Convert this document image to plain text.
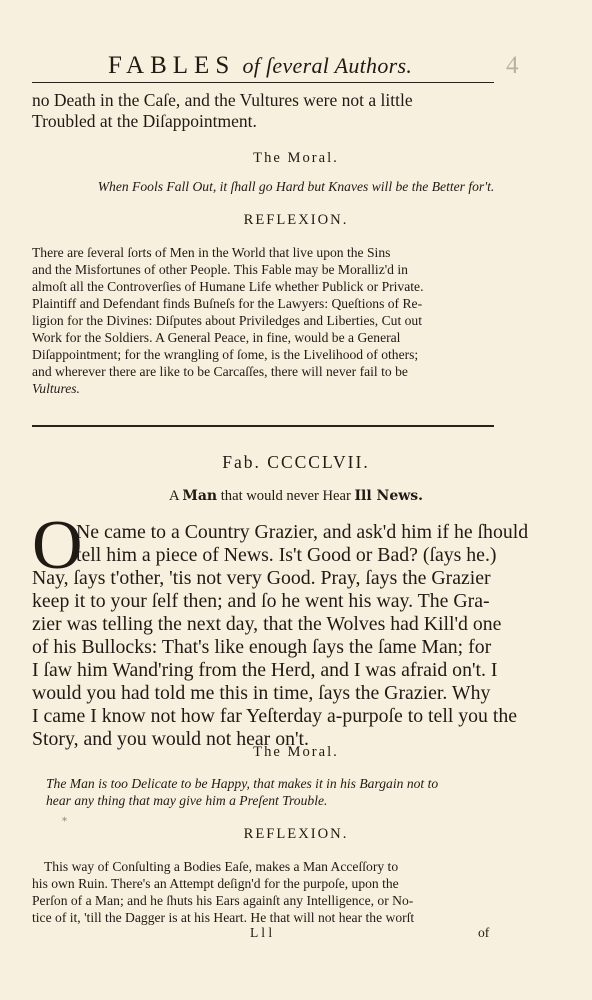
FABLES of ſeveral Authors.	4
no Death in the Caſe, and the Vultures were not a little
Troubled at the Diſappointment.
The Moral.
When Fools Fall Out, it ſhall go Hard but Knaves will be the Better for't.
REFLEXION.
There are ſeveral ſorts of Men in the World that live upon the Sins
and the Misfortunes of other People. This Fable may be Moralliz'd in
almoſt all the Controverſies of Humane Life whether Publick or Private.
Plaintiff and Defendant finds Buſneſs for the Lawyers: Queſtions of Re-
ligion for the Divines: Diſputes about Priviledges and Liberties, Cut out
Work for the Soldiers. A General Peace, in fine, would be a General
Diſappointment; for the wrangling of ſome, is the Livelihood of others;
and wherever there are like to be Carcaſſes, there will never fail to be
Vultures.
Fab. CCCCLVII.
A Man that would never Hear Ill News.
O
Ne came to a Country Grazier, and ask'd him if he ſhould
tell him a piece of News. Is't Good or Bad? (ſays he.)
Nay, ſays t'other, 'tis not very Good. Pray, ſays the Grazier
keep it to your ſelf then; and ſo he went his way. The Gra-
zier was telling the next day, that the Wolves had Kill'd one
of his Bullocks: That's like enough ſays the ſame Man; for
I ſaw him Wand'ring from the Herd, and I was afraid on't. I
would you had told me this in time, ſays the Grazier. Why
I came I know not how far Yeſterday a-purpoſe to tell you the
Story, and you would not hear on't.
The Moral.
The Man is too Delicate to be Happy, that makes it in his Bargain not to
hear any thing that may give him a Preſent Trouble.
⁎
REFLEXION.
This way of Conſulting a Bodies Eaſe, makes a Man Acceſſory to
his own Ruin. There's an Attempt deſign'd for the purpoſe, upon the
Perſon of a Man; and he ſhuts his Ears againſt any Intelligence, or No-
tice of it, 'till the Dagger is at his Heart. He that will not hear the worſt
L l l	of
